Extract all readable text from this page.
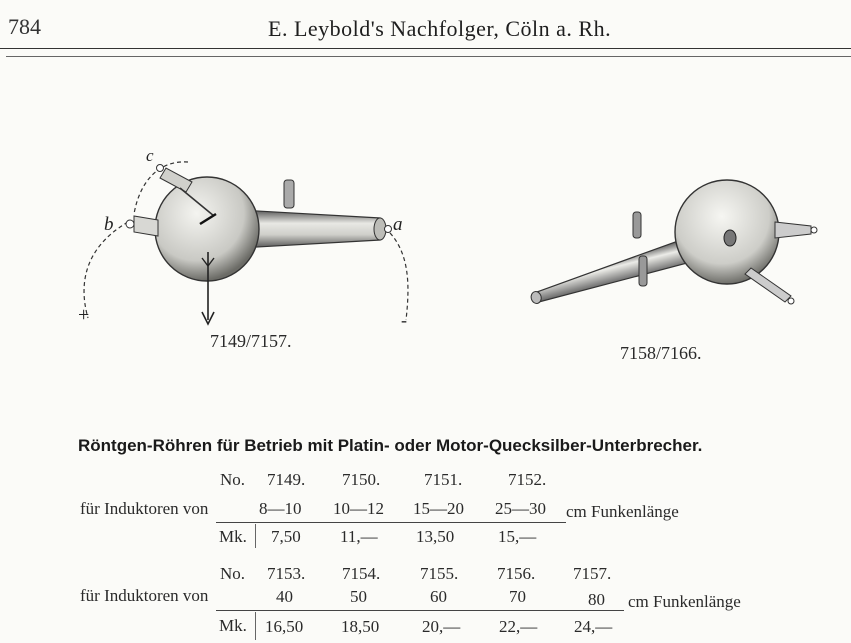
784	E. Leybold's Nachfolger, Cöln a. Rh.
c
b	a
+	-
7149/7157.
7158/7166.
Röntgen-Röhren für Betrieb mit Platin- oder Motor-Quecksilber-Unterbrecher.
No. 7149. 7150.	7151.	7152.
für Induktoren von	8—10 10—12 15—20 25—30 cm Funkenlänge
Mk. 7,50 11,— 13,50	15,—
No. 7153. 7154. 7155. 7156. 7157.
für Induktoren von	40	50	60	70	80 cm Funkenlänge
Mk. 16,50 18,50	20,— 22,— 24,—
